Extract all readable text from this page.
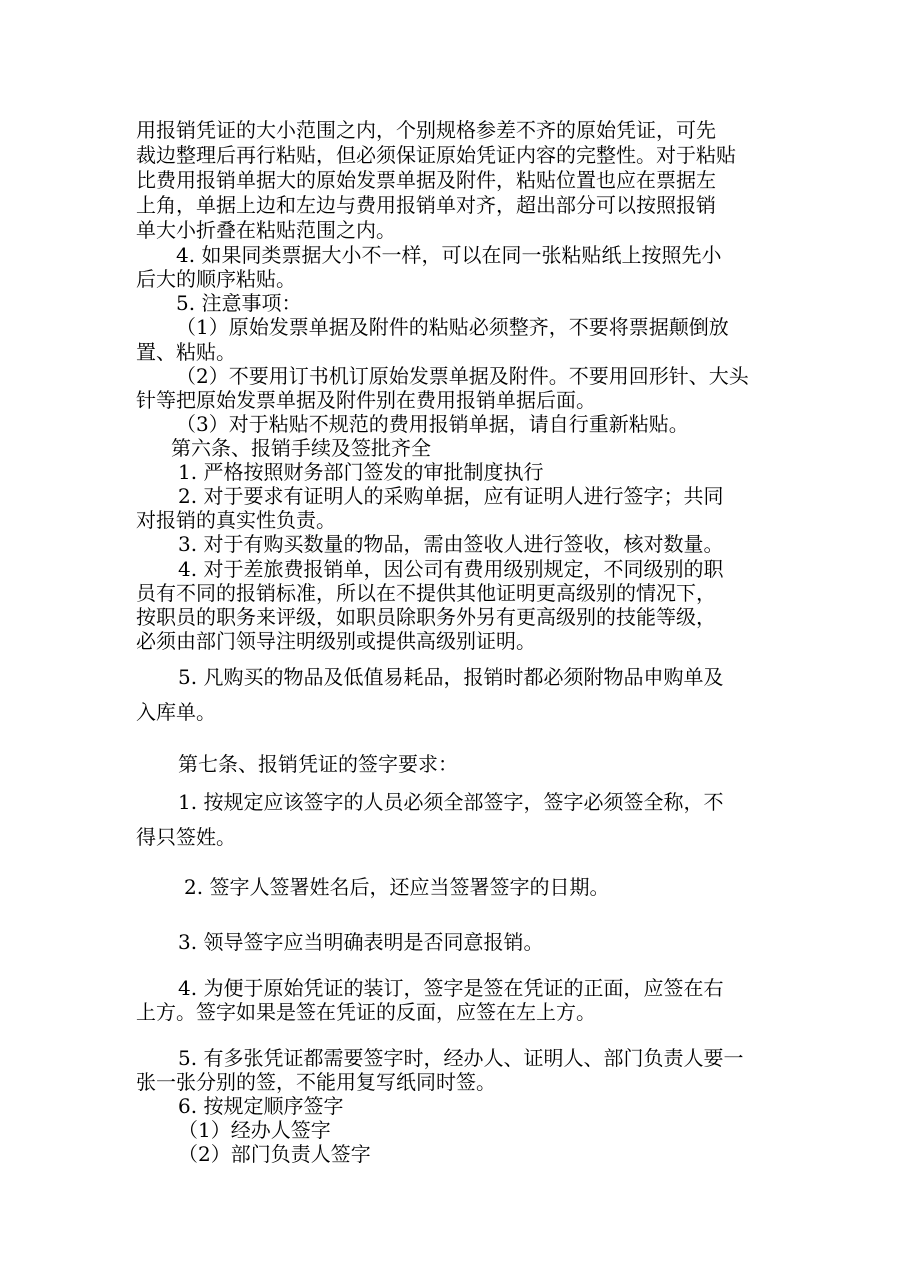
用报销凭证的大小范围之内，个别规格参差不齐的原始凭证，可先
裁边整理后再行粘贴，但必须保证原始凭证内容的完整性。对于粘贴
比费用报销单据大的原始发票单据及附件，粘贴位置也应在票据左
上角，单据上边和左边与费用报销单对齐，超出部分可以按照报销
单大小折叠在粘贴范围之内。
4. 如果同类票据大小不一样，可以在同一张粘贴纸上按照先小
后大的顺序粘贴。
5. 注意事项：
（1）原始发票单据及附件的粘贴必须整齐，不要将票据颠倒放
置、粘贴。
（2）不要用订书机订原始发票单据及附件。不要用回形针、大头
针等把原始发票单据及附件别在费用报销单据后面。
（3）对于粘贴不规范的费用报销单据，请自行重新粘贴。
第六条、报销手续及签批齐全
1. 严格按照财务部门签发的审批制度执行
2. 对于要求有证明人的采购单据，应有证明人进行签字；共同
对报销的真实性负责。
3. 对于有购买数量的物品，需由签收人进行签收，核对数量。
4. 对于差旅费报销单，因公司有费用级别规定，不同级别的职
员有不同的报销标准，所以在不提供其他证明更高级别的情况下，
按职员的职务来评级，如职员除职务外另有更高级别的技能等级，
必须由部门领导注明级别或提供高级别证明。
5. 凡购买的物品及低值易耗品，报销时都必须附物品申购单及
入库单。
第七条、报销凭证的签字要求：
1. 按规定应该签字的人员必须全部签字，签字必须签全称，不
得只签姓。
2. 签字人签署姓名后，还应当签署签字的日期。
3. 领导签字应当明确表明是否同意报销。
4. 为便于原始凭证的装订，签字是签在凭证的正面，应签在右
上方。签字如果是签在凭证的反面，应签在左上方。
5. 有多张凭证都需要签字时，经办人、证明人、部门负责人要一
张一张分别的签，不能用复写纸同时签。
6. 按规定顺序签字
（1）经办人签字
（2）部门负责人签字
